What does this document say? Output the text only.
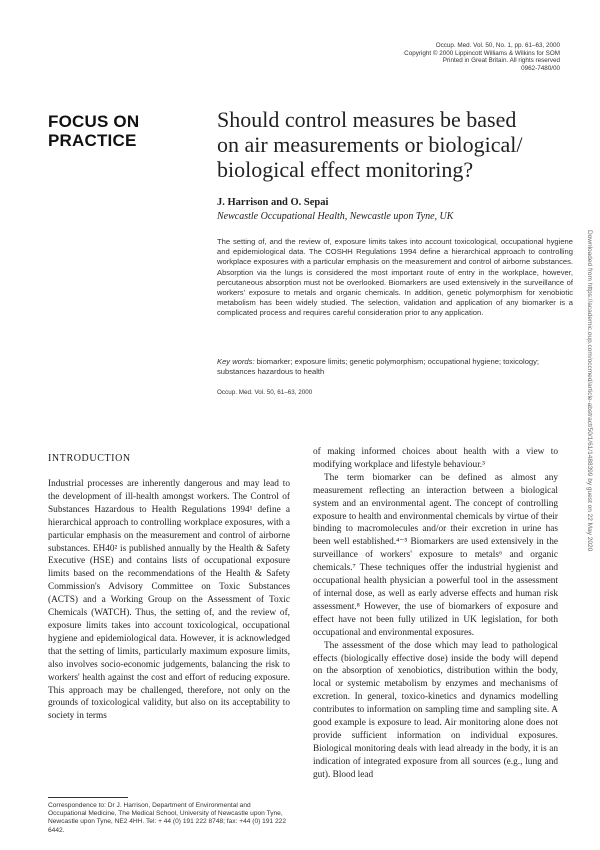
Occup. Med. Vol. 50, No. 1, pp. 61–63, 2000
Copyright © 2000 Lippincott Williams & Wilkins for SOM
Printed in Great Britain. All rights reserved
0962-7480/00
FOCUS ON
PRACTICE
Should control measures be based
on air measurements or biological/
biological effect monitoring?
J. Harrison and O. Sepai
Newcastle Occupational Health, Newcastle upon Tyne, UK
The setting of, and the review of, exposure limits takes into account toxicological, occupational hygiene and epidemiological data. The COSHH Regulations 1994 define a hierarchical approach to controlling workplace exposures with a particular emphasis on the measurement and control of airborne substances. Absorption via the lungs is considered the most important route of entry in the workplace, however, percutaneous absorption must not be overlooked. Biomarkers are used extensively in the surveillance of workers' exposure to metals and organic chemicals. In addition, genetic polymorphism for xenobiotic metabolism has been widely studied. The selection, validation and application of any biomarker is a complicated process and requires careful consideration prior to any application.
Key words: biomarker; exposure limits; genetic polymorphism; occupational hygiene; toxicology; substances hazardous to health
Occup. Med. Vol. 50, 61–63, 2000	Downloaded from https://academic.oup.com/occmed/article-abstract/50/1/61/1488399 by guest on 22 May 2020
INTRODUCTION

Industrial processes are inherently dangerous and may lead to the development of ill-health amongst workers. The Control of Substances Hazardous to Health Regulations 1994¹ define a hierarchical approach to controlling workplace exposures, with a particular emphasis on the measurement and control of airborne substances. EH40² is published annually by the Health & Safety Executive (HSE) and contains lists of occupational exposure limits based on the recommendations of the Health & Safety Commission's Advisory Committee on Toxic Substances (ACTS) and a Working Group on the Assessment of Toxic Chemicals (WATCH). Thus, the setting of, and the review of, exposure limits takes into account toxicological, occupational hygiene and epidemiological data. However, it is acknowledged that the setting of limits, particularly maximum exposure limits, also involves socio-economic judgements, balancing the risk to workers' health against the cost and effort of reducing exposure. This approach may be challenged, therefore, not only on the grounds of toxicological validity, but also on its acceptability to society in terms

of making informed choices about health with a view to modifying workplace and lifestyle behaviour.³

The term biomarker can be defined as almost any measurement reflecting an interaction between a biological system and an environmental agent. The concept of controlling exposure to health and environmental chemicals by virtue of their binding to macromolecules and/or their excretion in urine has been well established.⁴⁻⁵ Biomarkers are used extensively in the surveillance of workers' exposure to metals⁶ and organic chemicals.⁷ These techniques offer the industrial hygienist and occupational health physician a powerful tool in the assessment of internal dose, as well as early adverse effects and human risk assessment.⁸ However, the use of biomarkers of exposure and effect have not been fully utilized in UK legislation, for both occupational and environmental exposures.

The assessment of the dose which may lead to pathological effects (biologically effective dose) inside the body will depend on the absorption of xenobiotics, distribution within the body, local or systemic metabolism by enzymes and mechanisms of excretion. In general, toxico-kinetics and dynamics modelling contributes to information on sampling time and sampling site. A good example is exposure to lead. Air monitoring alone does not provide sufficient information on individual exposures. Biological monitoring deals with lead already in the body, it is an indication of integrated exposure from all sources (e.g., lung and gut). Blood lead

Correspondence to: Dr J. Harrison, Department of Environmental and Occupational Medicine, The Medical School, University of Newcastle upon Tyne, Newcastle upon Tyne, NE2 4HH. Tel: + 44 (0) 191 222 8748; fax: +44 (0) 191 222 6442.
